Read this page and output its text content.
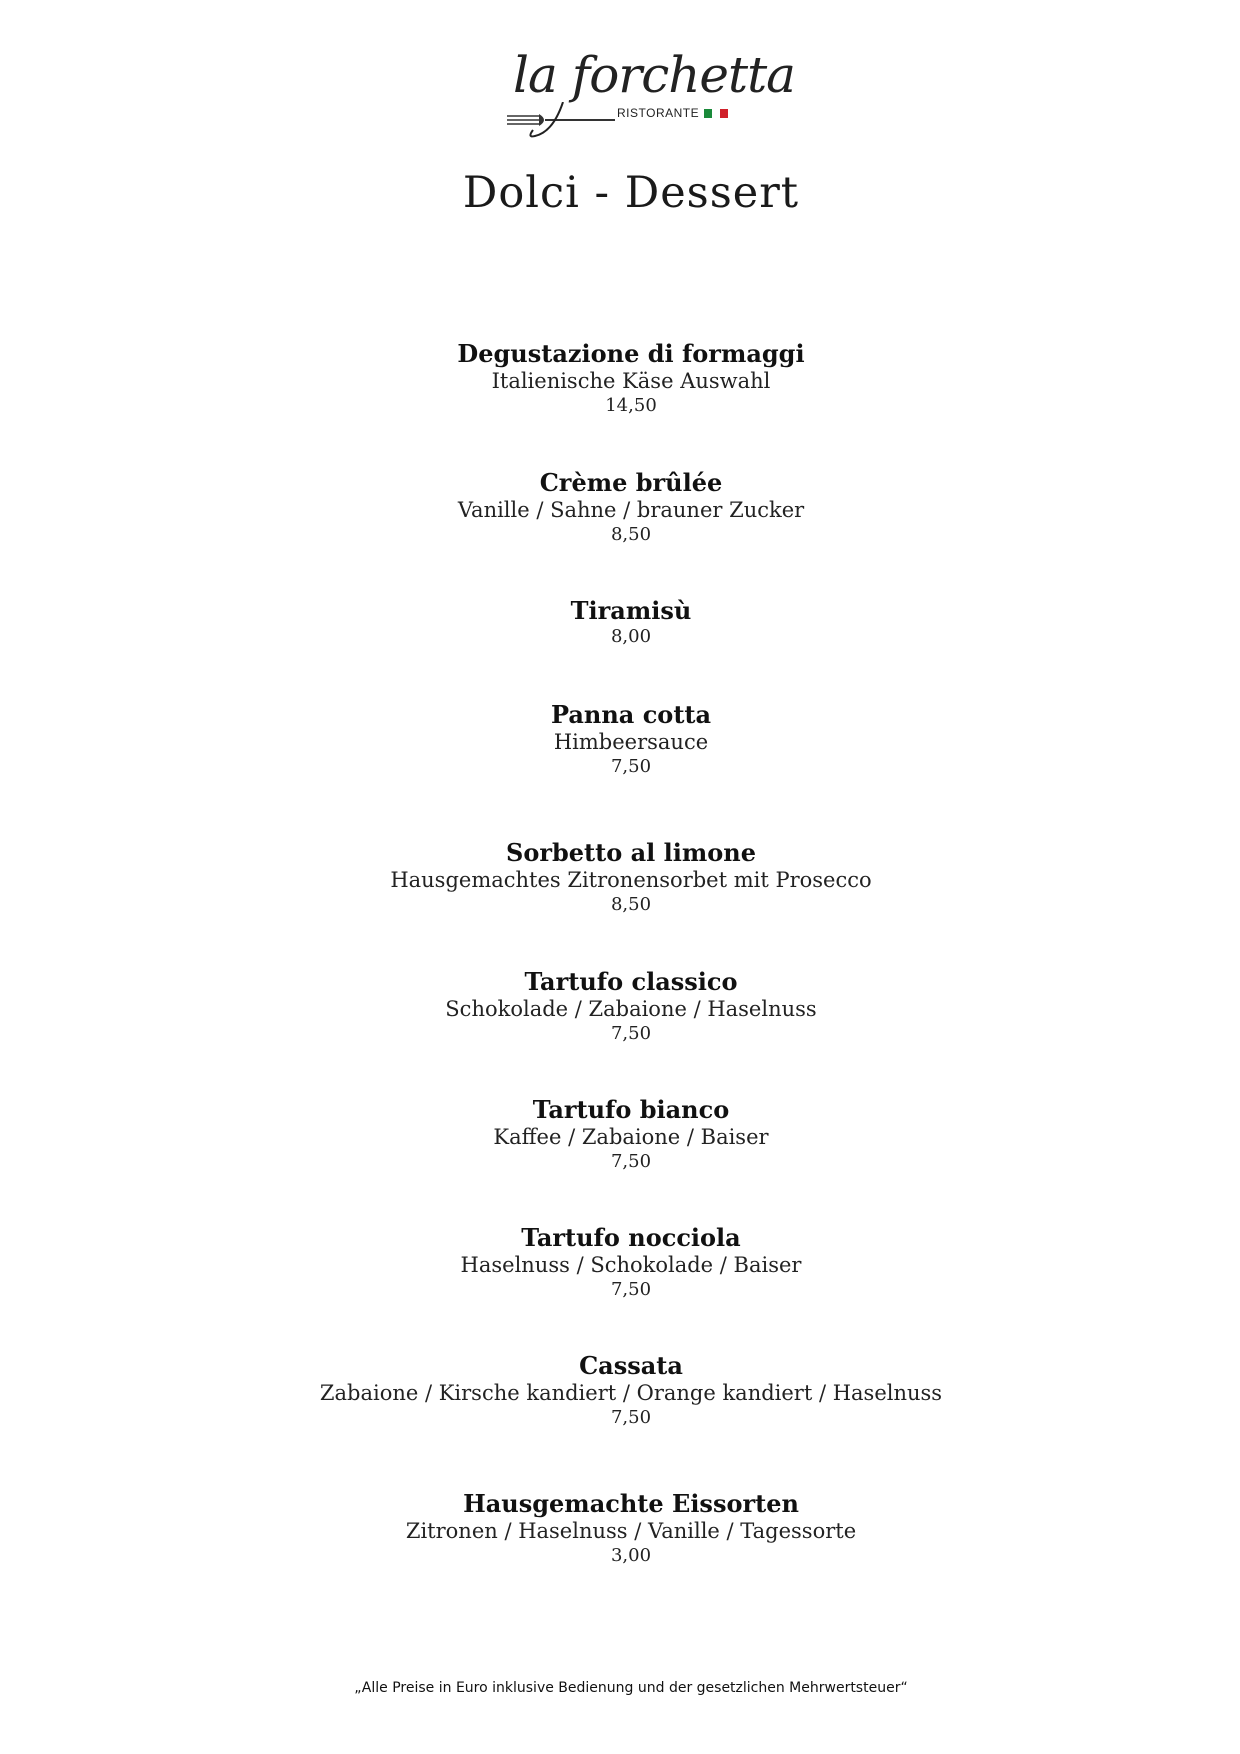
la forchetta
RISTORANTE
Dolci - Dessert
Degustazione di formaggi
Italienische Käse Auswahl
14,50
Crème brûlée
Vanille / Sahne / brauner Zucker
8,50
Tiramisù
8,00
Panna cotta
Himbeersauce
7,50
Sorbetto al limone
Hausgemachtes Zitronensorbet mit Prosecco
8,50
Tartufo classico
Schokolade / Zabaione / Haselnuss
7,50
Tartufo bianco
Kaffee / Zabaione / Baiser
7,50
Tartufo nocciola
Haselnuss / Schokolade / Baiser
7,50
Cassata
Zabaione / Kirsche kandiert / Orange kandiert / Haselnuss
7,50
Hausgemachte Eissorten
Zitronen / Haselnuss / Vanille / Tagessorte
3,00
„Alle Preise in Euro inklusive Bedienung und der gesetzlichen Mehrwertsteuer“
